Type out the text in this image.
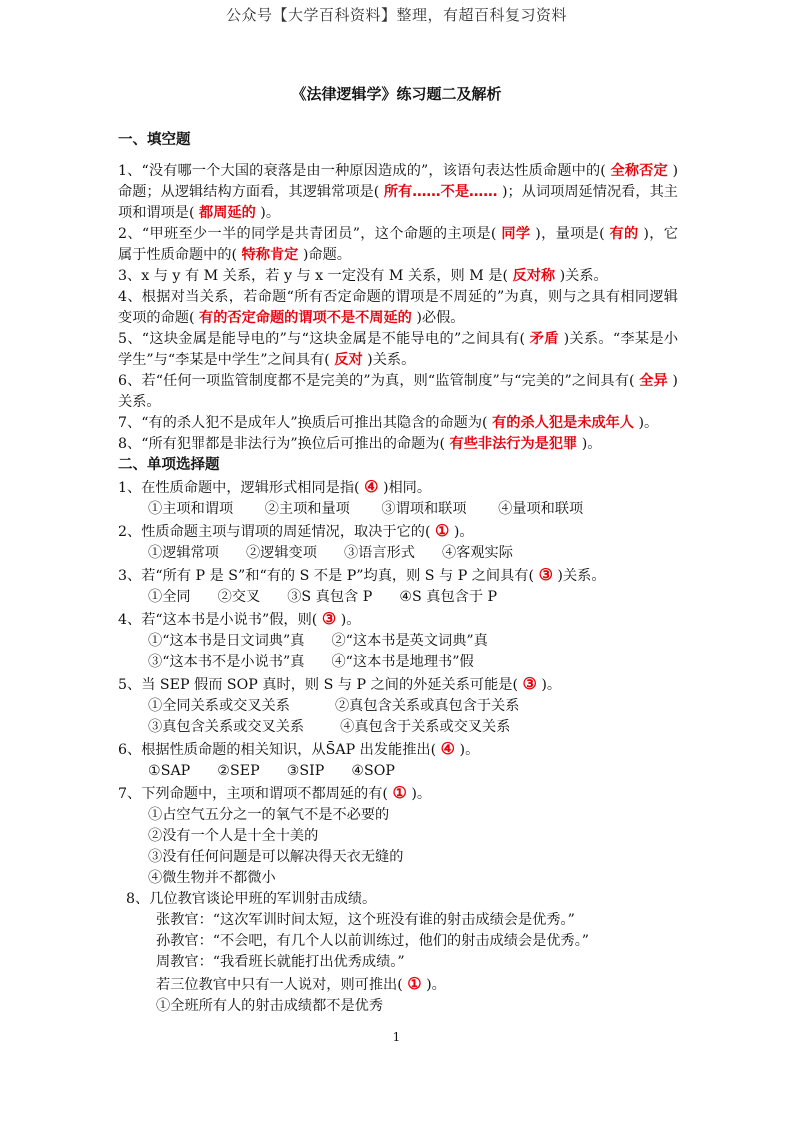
公众号【大学百科资料】整理，有超百科复习资料
《法律逻辑学》练习题二及解析
一、填空题

1、“没有哪一个大国的衰落是由一种原因造成的”，该语句表达性质命题中的( 全称否定 )命题；从逻辑结构方面看，其逻辑常项是( 所有……不是…… )；从词项周延情况看，其主项和谓项是( 都周延的 )。

2、“甲班至少一半的同学是共青团员”，这个命题的主项是( 同学 )，量项是( 有的 )，它属于性质命题中的( 特称肯定 )命题。

3、x 与 y 有 M 关系，若 y 与 x 一定没有 M 关系，则 M 是( 反对称 )关系。

4、根据对当关系，若命题“所有否定命题的谓项是不周延的”为真，则与之具有相同逻辑变项的命题( 有的否定命题的谓项不是不周延的 )必假。

5、“这块金属是能导电的”与“这块金属是不能导电的”之间具有( 矛盾 )关系。“李某是小学生”与“李某是中学生”之间具有( 反对 )关系。

6、若“任何一项监管制度都不是完美的”为真，则“监管制度”与“完美的”之间具有( 全异 )关系。

7、“有的杀人犯不是成年人”换质后可推出其隐含的命题为( 有的杀人犯是未成年人 )。

8、“所有犯罪都是非法行为”换位后可推出的命题为( 有些非法行为是犯罪 )。

二、单项选择题

1、在性质命题中，逻辑形式相同是指( ④ )相同。

①主项和谓项       ②主项和量项       ③谓项和联项       ④量项和联项

2、性质命题主项与谓项的周延情况，取决于它的( ① )。

①逻辑常项      ②逻辑变项      ③语言形式      ④客观实际

3、若“所有 P 是 S”和“有的 S 不是 P”均真，则 S 与 P 之间具有( ③ )关系。

①全同      ②交叉      ③S 真包含 P      ④S 真包含于 P

4、若“这本书是小说书”假，则( ③ )。

①“这本书是日文词典”真      ②“这本书是英文词典”真

③“这本书不是小说书”真      ④“这本书是地理书”假

5、当 SEP 假而 SOP 真时，则 S 与 P 之间的外延关系可能是( ③ )。

①全同关系或交叉关系          ②真包含关系或真包含于关系

③真包含关系或交叉关系        ④真包含于关系或交叉关系

6、根据性质命题的相关知识，从S̄AP 出发能推出( ④ )。

①SAP      ②SEP      ③SIP      ④SOP

7、下列命题中，主项和谓项不都周延的有( ① )。

①占空气五分之一的氧气不是不必要的

②没有一个人是十全十美的

③没有任何问题是可以解决得天衣无缝的

④微生物并不都微小

8、几位教官谈论甲班的军训射击成绩。

张教官：“这次军训时间太短，这个班没有谁的射击成绩会是优秀。”

孙教官：“不会吧，有几个人以前训练过，他们的射击成绩会是优秀。”

周教官：“我看班长就能打出优秀成绩。”

若三位教官中只有一人说对，则可推出( ① )。

①全班所有人的射击成绩都不是优秀

1
